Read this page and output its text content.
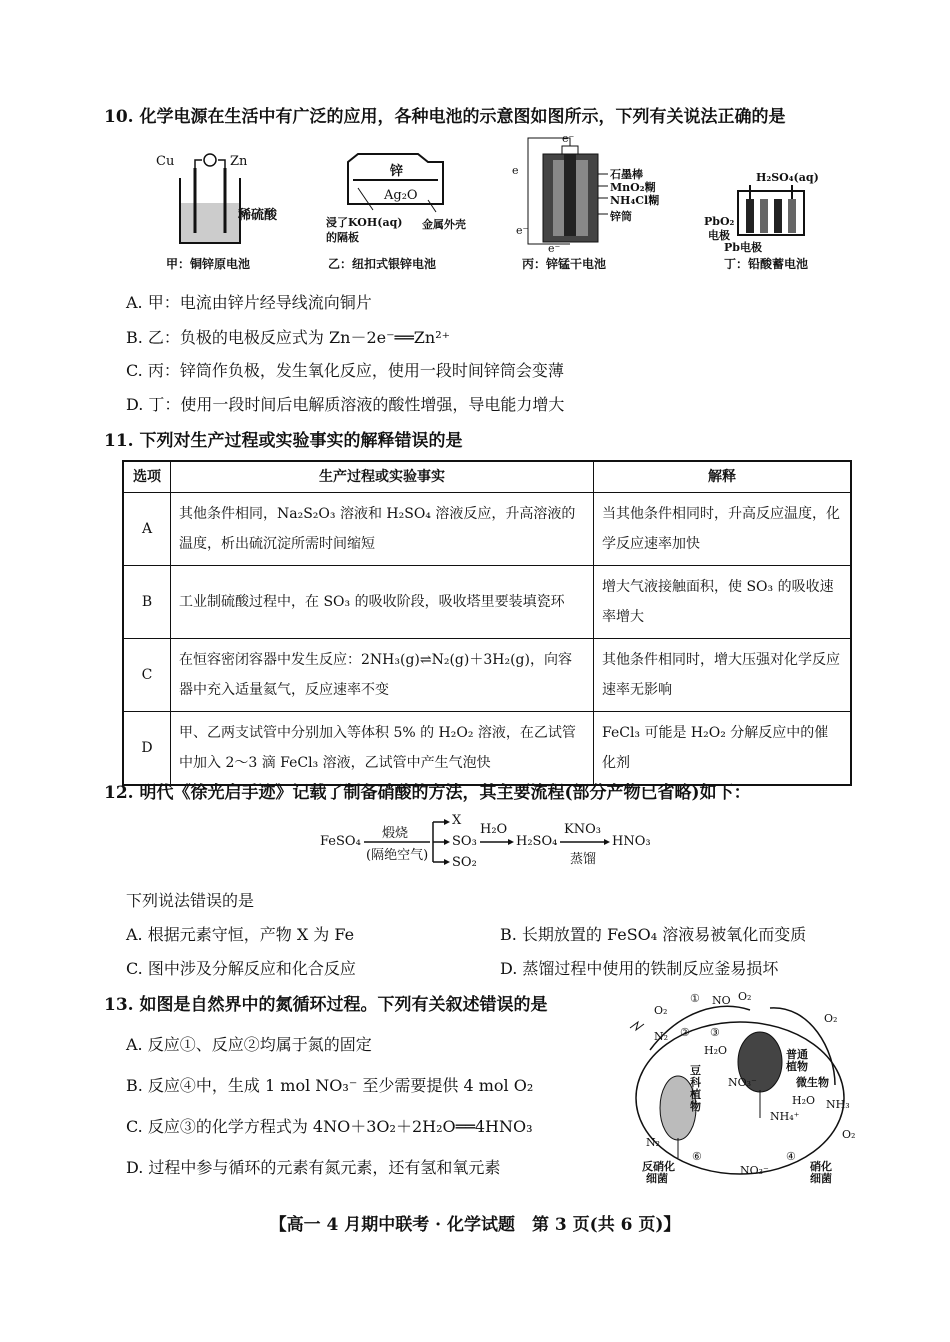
10. 化学电源在生活中有广泛的应用，各种电池的示意图如图所示，下列有关说法正确的是
Cu	Zn
稀硫酸
甲：铜锌原电池
锌
Ag₂O
浸了KOH(aq)
的隔板
金属外壳
乙：纽扣式银锌电池
e⁻
e
e⁻
e⁻
石墨棒
MnO₂糊
NH₄Cl糊
锌筒
丙：锌锰干电池
H₂SO₄(aq)
PbO₂
电极
Pb电极
丁：铅酸蓄电池
A. 甲：电流由锌片经导线流向铜片
B. 乙：负极的电极反应式为 Zn－2e⁻══Zn²⁺
C. 丙：锌筒作负极，发生氧化反应，使用一段时间锌筒会变薄
D. 丁：使用一段时间后电解质溶液的酸性增强，导电能力增大
11. 下列对生产过程或实验事实的解释错误的是
选项	生产过程或实验事实	解释
A	其他条件相同，Na₂S₂O₃ 溶液和 H₂SO₄ 溶液反应，升高溶液的温度，析出硫沉淀所需时间缩短	当其他条件相同时，升高反应温度，化学反应速率加快
B	工业制硫酸过程中，在 SO₃ 的吸收阶段，吸收塔里要装填瓷环	增大气液接触面积，使 SO₃ 的吸收速率增大
C	在恒容密闭容器中发生反应：2NH₃(g)⇌N₂(g)＋3H₂(g)，向容器中充入适量氦气，反应速率不变	其他条件相同时，增大压强对化学反应速率无影响
D	甲、乙两支试管中分别加入等体积 5% 的 H₂O₂ 溶液，在乙试管中加入 2～3 滴 FeCl₃ 溶液，乙试管中产生气泡快	FeCl₃ 可能是 H₂O₂ 分解反应中的催化剂
12. 明代《徐光启手迹》记载了制备硝酸的方法，其主要流程(部分产物已省略)如下：
FeSO₄
煅烧
(隔绝空气)
X
SO₃
SO₂
H₂O
H₂SO₄
KNO₃
蒸馏
HNO₃
下列说法错误的是
A. 根据元素守恒，产物 X 为 Fe	B. 长期放置的 FeSO₄ 溶液易被氧化而变质
C. 图中涉及分解反应和化合反应	D. 蒸馏过程中使用的铁制反应釜易损坏
13. 如图是自然界中的氮循环过程。下列有关叙述错误的是
A. 反应①、反应②均属于氮的固定
B. 反应④中，生成 1 mol NO₃⁻ 至少需要提供 4 mol O₂
C. 反应③的化学方程式为 4NO＋3O₂＋2H₂O══4HNO₃
D. 过程中参与循环的元素有氮元素，还有氢和氧元素
O₂
① NO O₂
N₂ ② ③
H₂O
豆
科
植
物
普通
植物
微生物
O₂
NO₃⁻
H₂O
NH₄⁺
NH₃
O₂
N₂
⑥	④
NO₃⁻
反硝化
细菌
硝化
细菌
【高一 4 月期中联考 · 化学试题　第 3 页(共 6 页)】
